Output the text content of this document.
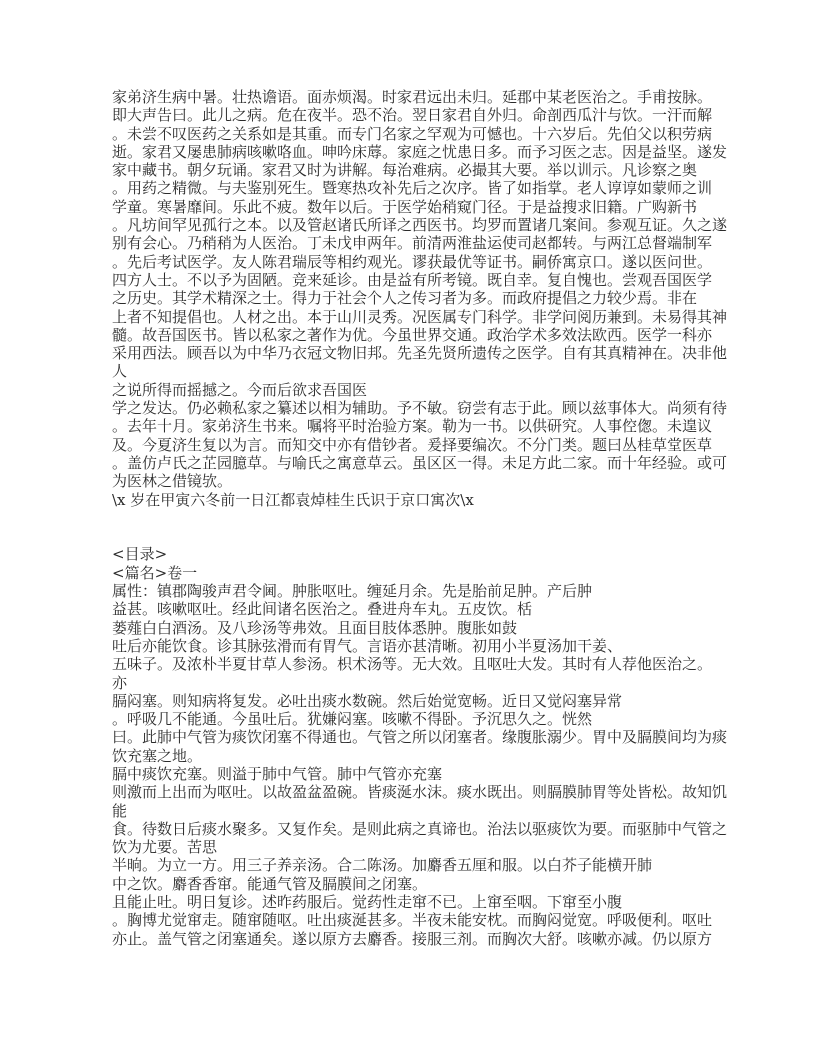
家弟济生病中暑。壮热谵语。面赤烦渴。时家君远出未归。延郡中某老医治之。手甫按脉。
即大声告曰。此儿之病。危在夜半。恐不治。翌日家君自外归。命剖西瓜汁与饮。一汗而解
。未尝不叹医药之关系如是其重。而专门名家之罕观为可憾也。十六岁后。先伯父以积劳病
逝。家君又屡患肺病咳嗽咯血。呻吟床蓐。家庭之忧患日多。而予习医之志。因是益坚。遂发
家中藏书。朝夕玩诵。家君又时为讲解。每治难病。必撮其大要。举以训示。凡诊察之奥
。用药之精微。与夫鉴别死生。暨寒热攻补先后之次序。皆了如指掌。老人谆谆如蒙师之训
学童。寒暑靡间。乐此不疲。数年以后。于医学始稍窥门径。于是益搜求旧籍。广购新书
。凡坊间罕见孤行之本。以及管赵诸氏所译之西医书。均罗而置诸几案间。参观互证。久之遂
别有会心。乃稍稍为人医治。丁未戊申两年。前清两淮盐运使司赵都转。与两江总督端制军
。先后考试医学。友人陈君瑞辰等相约观光。谬获最优等证书。嗣侨寓京口。遂以医问世。
四方人士。不以予为固陋。竞来延诊。由是益有所考镜。既自幸。复自愧也。尝观吾国医学
之历史。其学术精深之士。得力于社会个人之传习者为多。而政府提倡之力较少焉。非在
上者不知提倡也。人材之出。本于山川灵秀。况医属专门科学。非学问阅历兼到。未易得其神
髓。故吾国医书。皆以私家之著作为优。今虽世界交通。政治学术多效法欧西。医学一科亦
采用西法。顾吾以为中华乃衣冠文物旧邦。先圣先贤所遗传之医学。自有其真精神在。决非他
人
之说所得而摇撼之。今而后欲求吾国医
学之发达。仍必赖私家之纂述以相为辅助。予不敏。窃尝有志于此。顾以兹事体大。尚须有待
。去年十月。家弟济生书来。嘱将平时治验方案。勒为一书。以供研究。人事倥偬。未遑议
及。今夏济生复以为言。而知交中亦有借钞者。爰择要编次。不分门类。题曰丛桂草堂医草
。盖仿卢氏之芷园臆草。与喻氏之寓意草云。虽区区一得。未足方此二家。而十年经验。或可
为医林之借镜欤。
\x 岁在甲寅六冬前一日江都袁焯桂生氏识于京口寓次\x
<目录>
<篇名>卷一
属性：镇郡陶骏声君令阃。肿胀呕吐。缠延月余。先是胎前足肿。产后肿
益甚。咳嗽呕吐。经此间诸名医治之。叠进舟车丸。五皮饮。栝
蒌薤白白酒汤。及八珍汤等弗效。且面目肢体悉肿。腹胀如鼓
吐后亦能饮食。诊其脉弦滑而有胃气。言语亦甚清晰。初用小半夏汤加干姜、
五味子。及浓朴半夏甘草人参汤。枳术汤等。无大效。且呕吐大发。其时有人荐他医治之。
亦
膈闷塞。则知病将复发。必吐出痰水数碗。然后始觉宽畅。近日又觉闷塞异常
。呼吸几不能通。今虽吐后。犹嫌闷塞。咳嗽不得卧。予沉思久之。恍然
曰。此肺中气管为痰饮闭塞不得通也。气管之所以闭塞者。缘腹胀溺少。胃中及膈膜间均为痰
饮充塞之地。
膈中痰饮充塞。则溢于肺中气管。肺中气管亦充塞
则激而上出而为呕吐。以故盈盆盈碗。皆痰涎水沫。痰水既出。则膈膜肺胃等处皆松。故知饥
能
食。待数日后痰水聚多。又复作矣。是则此病之真谛也。治法以驱痰饮为要。而驱肺中气管之
饮为尤要。苦思
半晌。为立一方。用三子养亲汤。合二陈汤。加麝香五厘和服。以白芥子能横开肺
中之饮。麝香香窜。能通气管及膈膜间之闭塞。
且能止吐。明日复诊。述昨药服后。觉药性走窜不已。上窜至咽。下窜至小腹
。胸博尤觉窜走。随窜随呕。吐出痰涎甚多。半夜未能安枕。而胸闷觉宽。呼吸便利。呕吐
亦止。盖气管之闭塞通矣。遂以原方去麝香。接服三剂。而胸次大舒。咳嗽亦减。仍以原方
